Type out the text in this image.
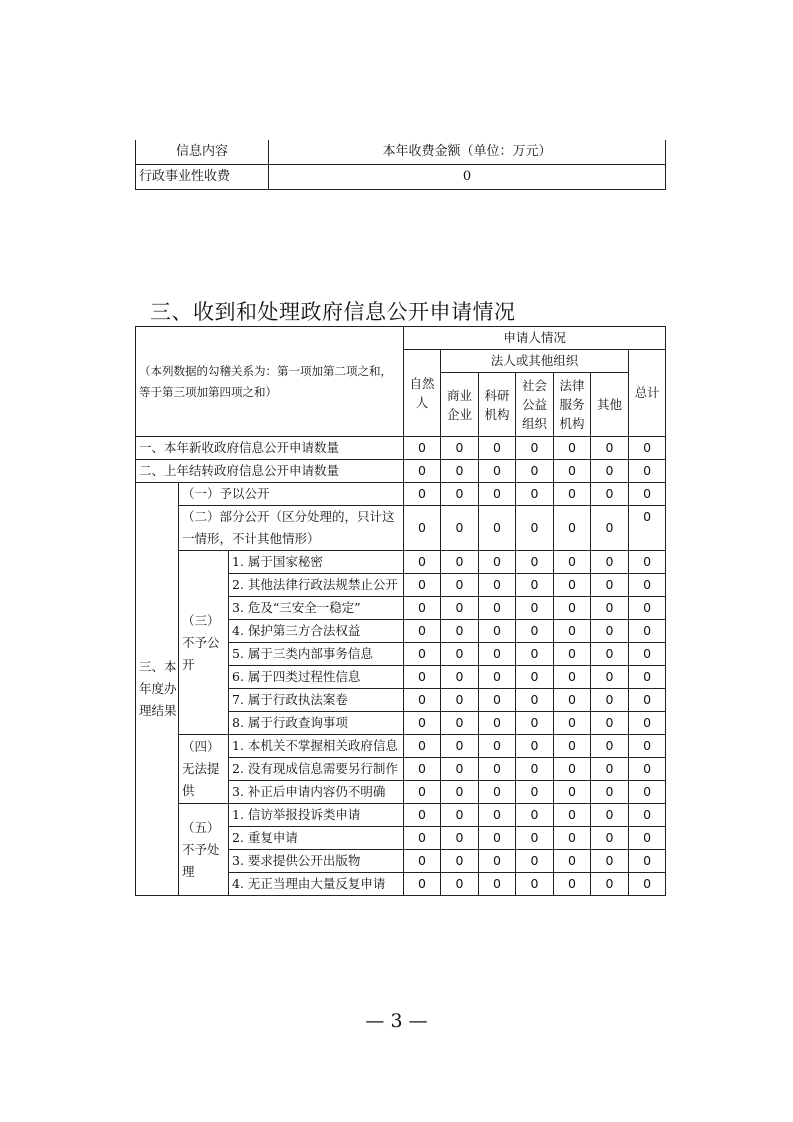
信息内容	本年收费金额（单位：万元）
行政事业性收费	0
三、收到和处理政府信息公开申请情况
（本列数据的勾稽关系为：第一项加第二项之和，等于第三项加第四项之和）			申请人情况						
			自然人	法人或其他组织					总计
				商业企业	科研机构	社会公益组织	法律服务机构	其他	
一、本年新收政府信息公开申请数量			0	0	0	0	0	0	0
二、上年结转政府信息公开申请数量			0	0	0	0	0	0	0
三、本年度办理结果	（一）予以公开		0	0	0	0	0	0	0
	（二）部分公开（区分处理的，只计这一情形，不计其他情形）		0	0	0	0	0	0	0
	（三）不予公开	1. 属于国家秘密	0	0	0	0	0	0	0
		2. 其他法律行政法规禁止公开	0	0	0	0	0	0	0
		3. 危及“三安全一稳定”	0	0	0	0	0	0	0
		4. 保护第三方合法权益	0	0	0	0	0	0	0
		5. 属于三类内部事务信息	0	0	0	0	0	0	0
		6. 属于四类过程性信息	0	0	0	0	0	0	0
		7. 属于行政执法案卷	0	0	0	0	0	0	0
		8. 属于行政查询事项	0	0	0	0	0	0	0
	（四）无法提供	1. 本机关不掌握相关政府信息	0	0	0	0	0	0	0
		2. 没有现成信息需要另行制作	0	0	0	0	0	0	0
		3. 补正后申请内容仍不明确	0	0	0	0	0	0	0
	（五）不予处理	1. 信访举报投诉类申请	0	0	0	0	0	0	0
		2. 重复申请	0	0	0	0	0	0	0
		3. 要求提供公开出版物	0	0	0	0	0	0	0
		4. 无正当理由大量反复申请	0	0	0	0	0	0	0
— 3 —
